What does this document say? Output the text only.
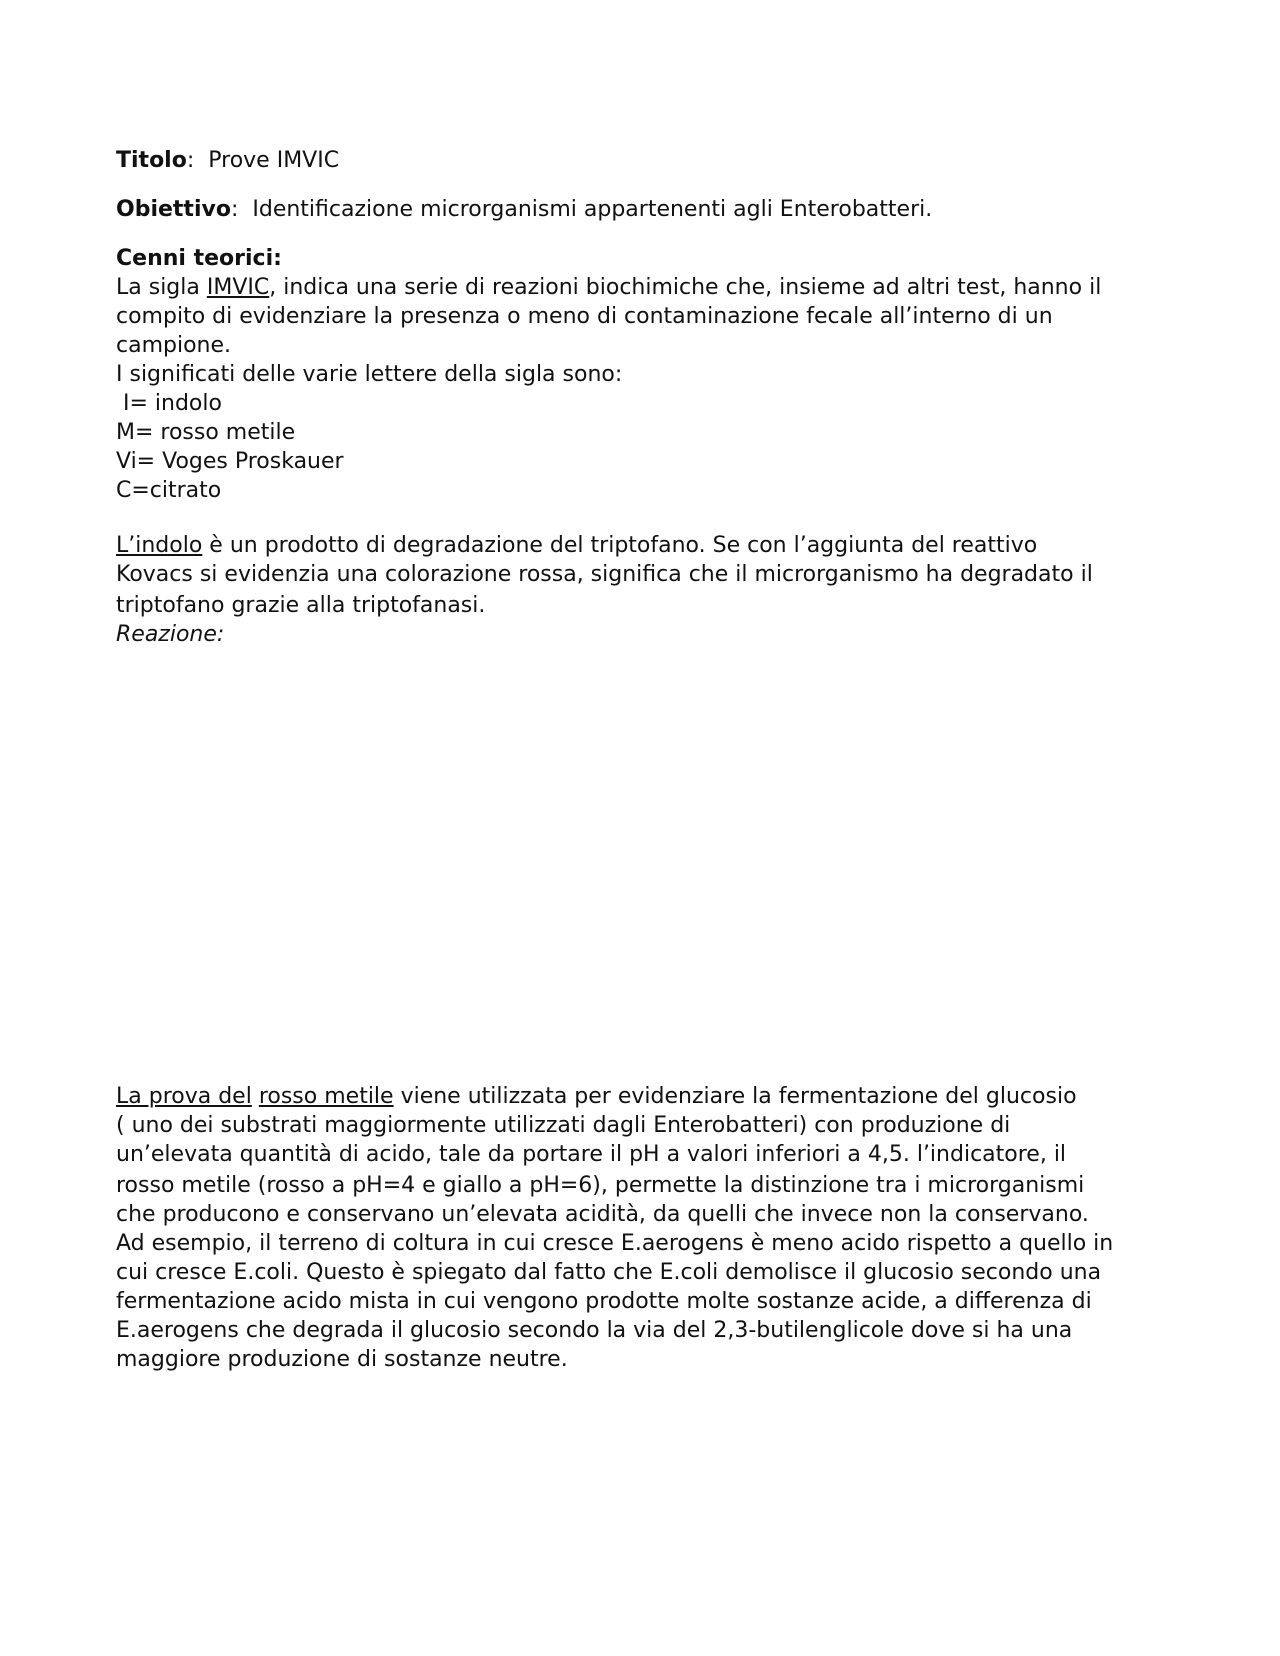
Titolo: Prove IMVIC

Obiettivo: Identificazione microrganismi appartenenti agli Enterobatteri.

Cenni teorici:
La sigla IMVIC, indica una serie di reazioni biochimiche che, insieme ad altri test, hanno il
compito di evidenziare la presenza o meno di contaminazione fecale all’interno di un
campione.
I significati delle varie lettere della sigla sono:
I= indolo
M= rosso metile
Vi= Voges Proskauer
C=citrato
L’indolo è un prodotto di degradazione del triptofano. Se con l’aggiunta del reattivo
Kovacs si evidenzia una colorazione rossa, significa che il microrganismo ha degradato il
triptofano grazie alla triptofanasi.
Reazione:
La prova del rosso metile viene utilizzata per evidenziare la fermentazione del glucosio
( uno dei substrati maggiormente utilizzati dagli Enterobatteri) con produzione di
un’elevata quantità di acido, tale da portare il pH a valori inferiori a 4,5. l’indicatore, il
rosso metile (rosso a pH=4 e giallo a pH=6), permette la distinzione tra i microrganismi
che producono e conservano un’elevata acidità, da quelli che invece non la conservano.
Ad esempio, il terreno di coltura in cui cresce E.aerogens è meno acido rispetto a quello in
cui cresce E.coli. Questo è spiegato dal fatto che E.coli demolisce il glucosio secondo una
fermentazione acido mista in cui vengono prodotte molte sostanze acide, a differenza di
E.aerogens che degrada il glucosio secondo la via del 2,3-butilenglicole dove si ha una
maggiore produzione di sostanze neutre.
